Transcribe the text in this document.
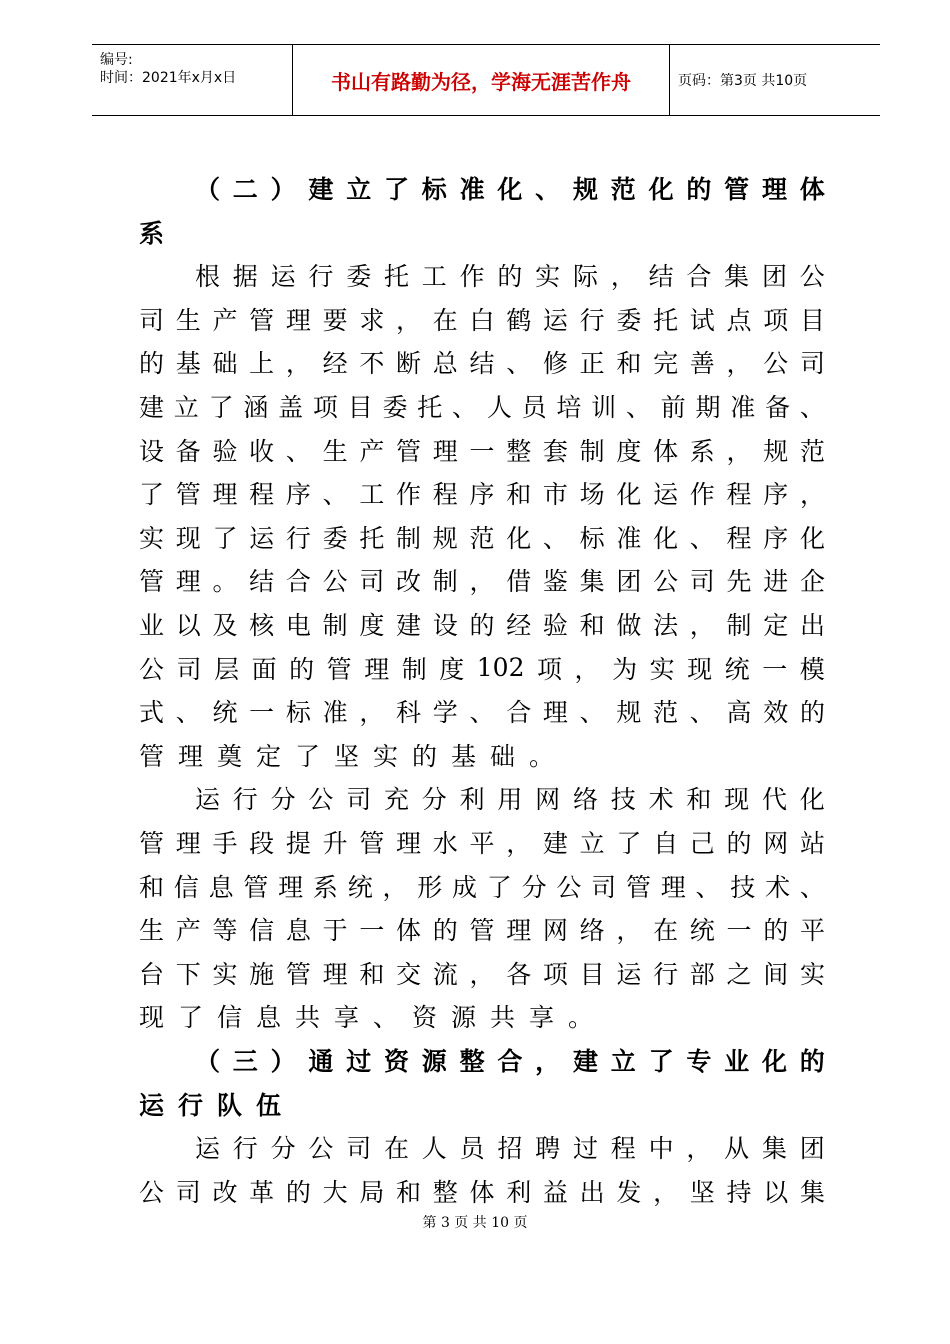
编号:
时间：2021年x月x日	书山有路勤为径，学海无涯苦作舟	页码：第3页 共10页
（ 二 ） 建 立 了 标 准 化 、 规 范 化 的 管 理 体
系
根 据 运 行 委 托 工 作 的 实 际 ， 结 合 集 团 公
司 生 产 管 理 要 求 ， 在 白 鹤 运 行 委 托 试 点 项 目
的 基 础 上 ， 经 不 断 总 结 、 修 正 和 完 善 ， 公 司
建 立 了 涵 盖 项 目 委 托 、 人 员 培 训 、 前 期 准 备 、
设 备 验 收 、 生 产 管 理 一 整 套 制 度 体 系 ， 规 范
了 管 理 程 序 、 工 作 程 序 和 市 场 化 运 作 程 序 ，
实 现 了 运 行 委 托 制 规 范 化 、 标 准 化 、 程 序 化
管 理 。 结 合 公 司 改 制 ， 借 鉴 集 团 公 司 先 进 企
业 以 及 核 电 制 度 建 设 的 经 验 和 做 法 ， 制 定 出
公 司 层 面 的 管 理 制 度 102 项 ， 为 实 现 统 一 模
式 、 统 一 标 准 ， 科 学 、 合 理 、 规 范 、 高 效 的
管理奠定了坚实的基础。
运 行 分 公 司 充 分 利 用 网 络 技 术 和 现 代 化
管 理 手 段 提 升 管 理 水 平 ， 建 立 了 自 己 的 网 站
和 信 息 管 理 系 统 ， 形 成 了 分 公 司 管 理 、 技 术 、
生 产 等 信 息 于 一 体 的 管 理 网 络 ， 在 统 一 的 平
台 下 实 施 管 理 和 交 流 ， 各 项 目 运 行 部 之 间 实
现了信息共享、资源共享。
（ 三 ） 通 过 资 源 整 合 ， 建 立 了 专 业 化 的
运行队伍
运 行 分 公 司 在 人 员 招 聘 过 程 中 ， 从 集 团
公 司 改 革 的 大 局 和 整 体 利 益 出 发 ， 坚 持 以 集
第 3 页 共 10 页
